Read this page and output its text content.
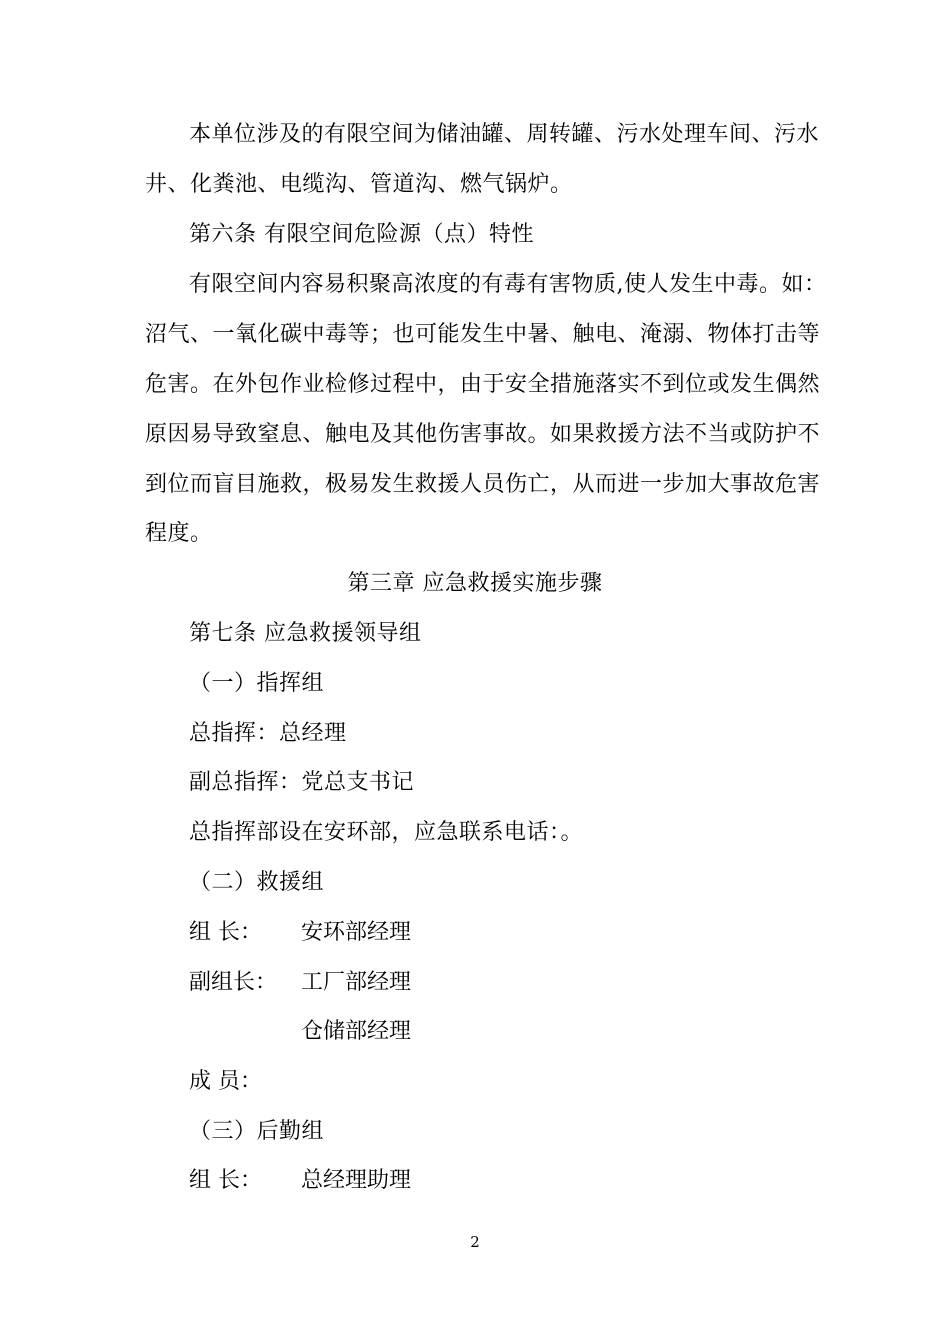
本单位涉及的有限空间为储油罐、周转罐、污水处理车间、污水
井、化粪池、电缆沟、管道沟、燃气锅炉。
第六条 有限空间危险源（点）特性
有限空间内容易积聚高浓度的有毒有害物质,使人发生中毒。如：
沼气、一氧化碳中毒等；也可能发生中暑、触电、淹溺、物体打击等
危害。在外包作业检修过程中，由于安全措施落实不到位或发生偶然
原因易导致窒息、触电及其他伤害事故。如果救援方法不当或防护不
到位而盲目施救，极易发生救援人员伤亡，从而进一步加大事故危害
程度。
第三章 应急救援实施步骤
第七条 应急救援领导组
（一）指挥组
总指挥：总经理
副总指挥：党总支书记
总指挥部设在安环部，应急联系电话：。
（二）救援组
组 长： 安环部经理
副组长： 工厂部经理
仓储部经理
成 员：
（三）后勤组
组 长： 总经理助理
2
